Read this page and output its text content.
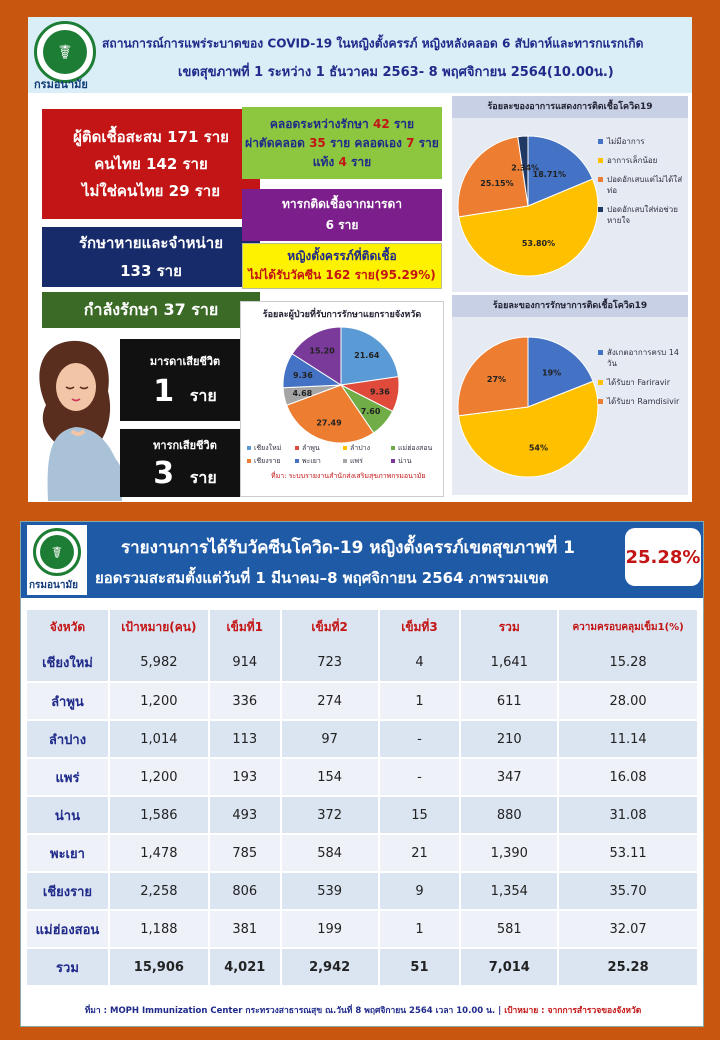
☤
กรมอนามัย
สถานการณ์การแพร่ระบาดของ COVID-19 ในหญิงตั้งครรภ์ หญิงหลังคลอด 6 สัปดาห์และทารกแรกเกิด
เขตสุขภาพที่ 1 ระหว่าง 1 ธันวาคม 2563- 8 พฤศจิกายน 2564(10.00น.)
ผู้ติดเชื้อสะสม 171 ราย
คนไทย 142 ราย
ไม่ใช่คนไทย 29 ราย
รักษาหายและจำหน่าย
133 ราย
กำลังรักษา 37 ราย
มารดาเสียชีวิต
1 ราย
ทารกเสียชีวิต
3 ราย
คลอดระหว่างรักษา 42 ราย
ผ่าตัดคลอด 35 ราย คลอดเอง 7 ราย
แท้ง 4 ราย
ทารกติดเชื้อจากมารดา
6 ราย
หญิงตั้งครรภ์ที่ติดเชื้อ
ไม่ได้รับวัคซีน 162 ราย(95.29%)
ร้อยละผู้ป่วยที่รับการรักษาแยกรายจังหวัด
21.64
9.36
7.60
27.49
4.68
9.36
15.20
เชียงใหม่	ลำพูน	ลำปาง	แม่ฮ่องสอน
เชียงราย	พะเยา	แพร่	น่าน
ที่มา: ระบบรายงานสำนักส่งเสริมสุขภาพกรมอนามัย
ร้อยละของอาการแสดงการติดเชื้อโควิด19
18.71%
53.80%
25.15%
2.34%
ไม่มีอาการ
อาการเล็กน้อย
ปอดอักเสบแต่ไม่ได้ใส่ท่อ
ปอดอักเสบใส่ท่อช่วยหายใจ
ร้อยละของการรักษาการติดเชื้อโควิด19
19%
54%
27%
สังเกตอาการครบ 14 วัน
ได้รับยา Fariravir
ได้รับยา Ramdisivir
☤
กรมอนามัย
รายงานการได้รับวัคซีนโควิด-19 หญิงตั้งครรภ์เขตสุขภาพที่ 1
ยอดรวมสะสมตั้งแต่วันที่ 1 มีนาคม–8 พฤศจิกายน 2564 ภาพรวมเขต
25.28%
จังหวัด	เป้าหมาย(คน)	เข็มที่1	เข็มที่2	เข็มที่3	รวม	ความครอบคลุมเข็ม1(%)
เชียงใหม่	5,982	914	723	4	1,641	15.28
ลำพูน	1,200	336	274	1	611	28.00
ลำปาง	1,014	113	97	-	210	11.14
แพร่	1,200	193	154	-	347	16.08
น่าน	1,586	493	372	15	880	31.08
พะเยา	1,478	785	584	21	1,390	53.11
เชียงราย	2,258	806	539	9	1,354	35.70
แม่ฮ่องสอน	1,188	381	199	1	581	32.07
รวม	15,906	4,021	2,942	51	7,014	25.28
ที่มา : MOPH Immunization Center กระทรวงสาธารณสุข ณ.วันที่ 8 พฤศจิกายน 2564 เวลา 10.00 น. | เป้าหมาย : จากการสำรวจของจังหวัด
